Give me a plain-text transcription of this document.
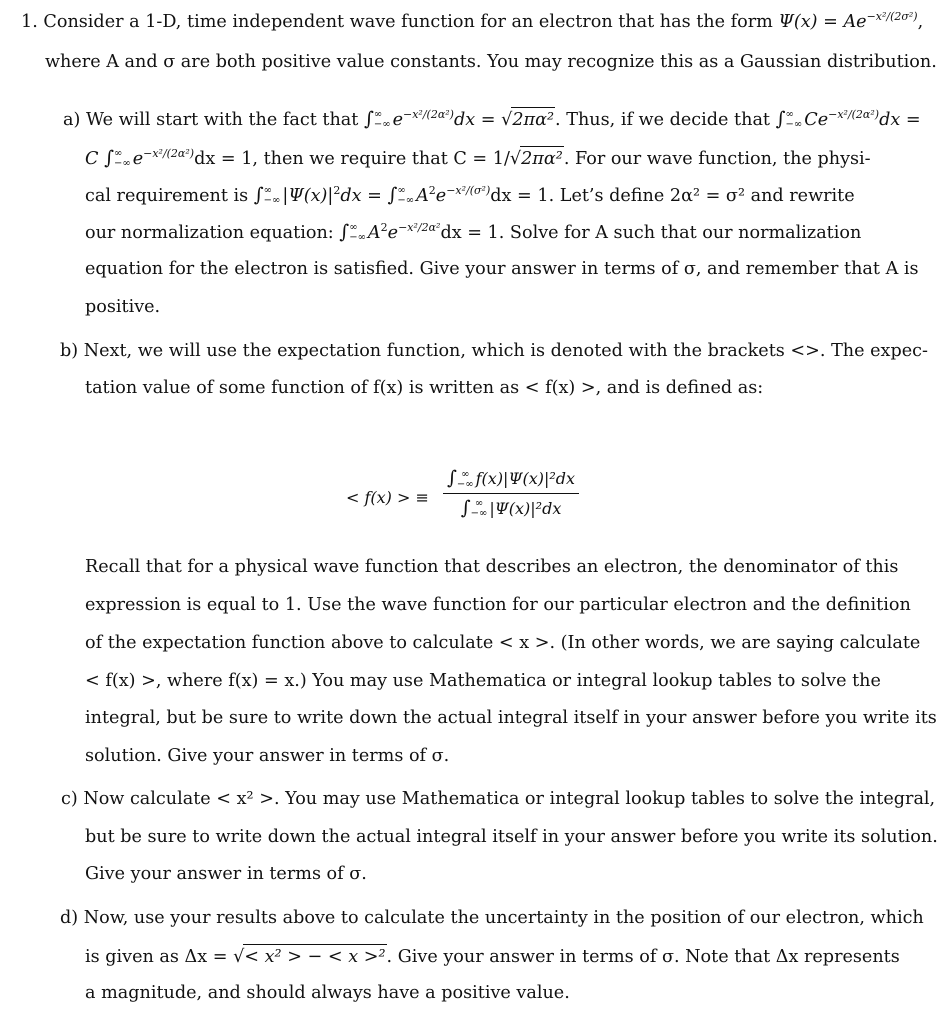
1. Consider a 1-D, time independent wave function for an electron that has the form $\Psi(x) = Ae^{-x^2/(2\sigma^2)}$,
where A and σ are both positive value constants. You may recognize this as a Gaussian distribution.
a) We will start with the fact that ∫ ∞
−∞ $e^{-x^2/(2\alpha^2)}dx = √2\pi\alpha^2$. Thus, if we decide that ∫ ∞
−∞ $Ce^{-x^2/(2\alpha^2)}dx$ =
C ∫ ∞
−∞ $e^{-x^2/(2\alpha^2)}dx = 1$, then we require that C = 1/√2πα². For our wave function, the physi-
cal requirement is ∫ ∞
−∞ $|\Psi(x)|^2dx$ = ∫ ∞
−∞ $A^2e^{-x^2/(\sigma^2)}dx = 1$. Let’s define 2α² = σ² and rewrite
our normalization equation: ∫ ∞
−∞ $A^2e^{-x^2/2\alpha^2}dx = 1$. Solve for A such that our normalization
equation for the electron is satisfied. Give your answer in terms of σ, and remember that A is
positive.
b) Next, we will use the expectation function, which is denoted with the brackets <>. The expec-
tation value of some function of f(x) is written as < f(x) >, and is defined as:
< f(x) > ≡ ∫ ∞
−∞ f(x)|Ψ(x)|²dx
∫ ∞
−∞ |Ψ(x)|²dx
Recall that for a physical wave function that describes an electron, the denominator of this
expression is equal to 1. Use the wave function for our particular electron and the definition
of the expectation function above to calculate < x >. (In other words, we are saying calculate
< f(x) >, where f(x) = x.) You may use Mathematica or integral lookup tables to solve the
integral, but be sure to write down the actual integral itself in your answer before you write its
solution. Give your answer in terms of σ.
c) Now calculate < x² >. You may use Mathematica or integral lookup tables to solve the integral,
but be sure to write down the actual integral itself in your answer before you write its solution.
Give your answer in terms of σ.
d) Now, use your results above to calculate the uncertainty in the position of our electron, which
is given as Δx = √< x² > − < x >². Give your answer in terms of σ. Note that Δx represents
a magnitude, and should always have a positive value.
